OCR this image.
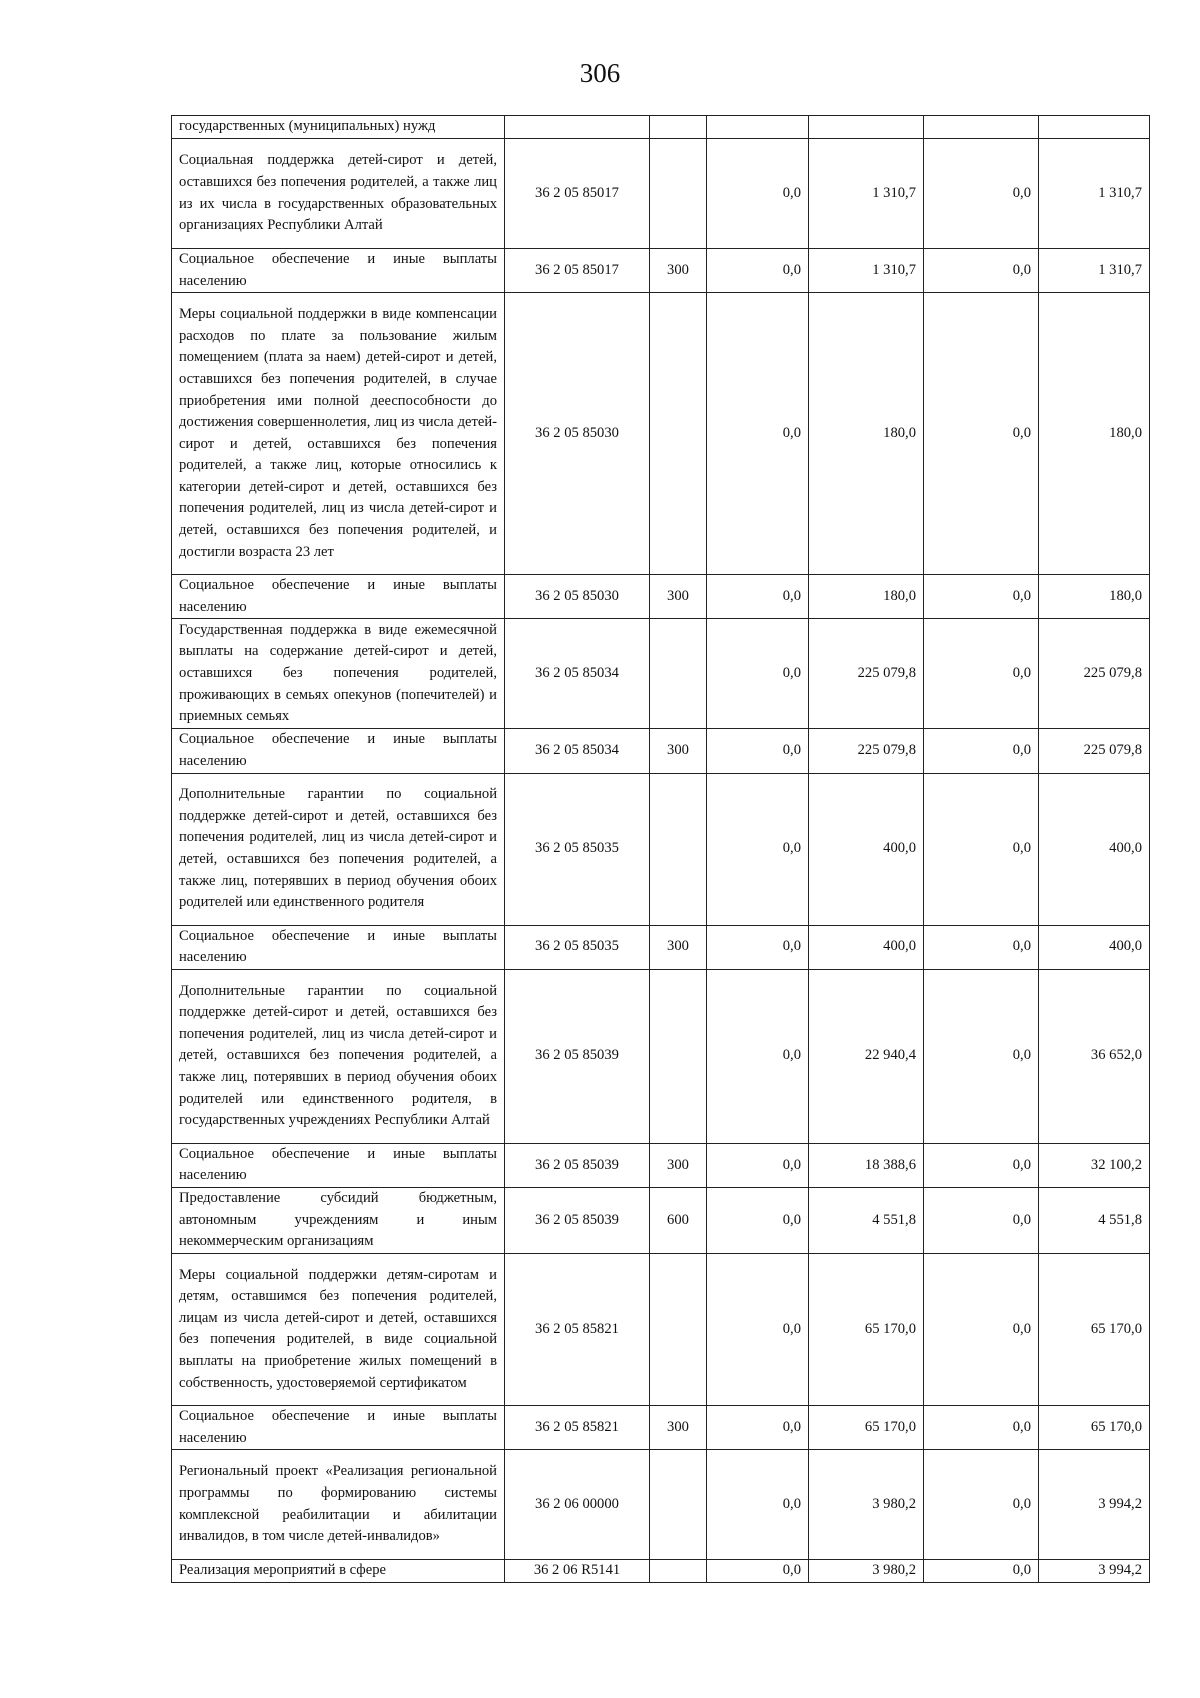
306
государственных (муниципальных) нужд						
Социальная поддержка детей-сирот и детей, оставшихся без попечения родителей, а также лиц из их числа в государственных образовательных организациях Республики Алтай	36 2 05 85017		0,0	1 310,7	0,0	1 310,7
Социальное обеспечение и иные выплаты населению	36 2 05 85017	300	0,0	1 310,7	0,0	1 310,7
Меры социальной поддержки в виде компенсации расходов по плате за пользование жилым помещением (плата за наем) детей-сирот и детей, оставшихся без попечения родителей, в случае приобретения ими полной дееспособности до достижения совершеннолетия, лиц из числа детей-сирот и детей, оставшихся без попечения родителей, а также лиц, которые относились к категории детей-сирот и детей, оставшихся без попечения родителей, лиц из числа детей-сирот и детей, оставшихся без попечения родителей, и достигли возраста 23 лет	36 2 05 85030		0,0	180,0	0,0	180,0
Социальное обеспечение и иные выплаты населению	36 2 05 85030	300	0,0	180,0	0,0	180,0
Государственная поддержка в виде ежемесячной выплаты на содержание детей-сирот и детей, оставшихся без попечения родителей, проживающих в семьях опекунов (попечителей) и приемных семьях	36 2 05 85034		0,0	225 079,8	0,0	225 079,8
Социальное обеспечение и иные выплаты населению	36 2 05 85034	300	0,0	225 079,8	0,0	225 079,8
Дополнительные гарантии по социальной поддержке детей-сирот и детей, оставшихся без попечения родителей, лиц из числа детей-сирот и детей, оставшихся без попечения родителей, а также лиц, потерявших в период обучения обоих родителей или единственного родителя	36 2 05 85035		0,0	400,0	0,0	400,0
Социальное обеспечение и иные выплаты населению	36 2 05 85035	300	0,0	400,0	0,0	400,0
Дополнительные гарантии по социальной поддержке детей-сирот и детей, оставшихся без попечения родителей, лиц из числа детей-сирот и детей, оставшихся без попечения родителей, а также лиц, потерявших в период обучения обоих родителей или единственного родителя, в государственных учреждениях Республики Алтай	36 2 05 85039		0,0	22 940,4	0,0	36 652,0
Социальное обеспечение и иные выплаты населению	36 2 05 85039	300	0,0	18 388,6	0,0	32 100,2
Предоставление субсидий бюджетным, автономным учреждениям и иным некоммерческим организациям	36 2 05 85039	600	0,0	4 551,8	0,0	4 551,8
Меры социальной поддержки детям-сиротам и детям, оставшимся без попечения родителей, лицам из числа детей-сирот и детей, оставшихся без попечения родителей, в виде социальной выплаты на приобретение жилых помещений в собственность, удостоверяемой сертификатом	36 2 05 85821		0,0	65 170,0	0,0	65 170,0
Социальное обеспечение и иные выплаты населению	36 2 05 85821	300	0,0	65 170,0	0,0	65 170,0
Региональный проект «Реализация региональной программы по формированию системы комплексной реабилитации и абилитации инвалидов, в том числе детей-инвалидов»	36 2 06 00000		0,0	3 980,2	0,0	3 994,2
Реализация мероприятий в сфере	36 2 06 R5141		0,0	3 980,2	0,0	3 994,2
